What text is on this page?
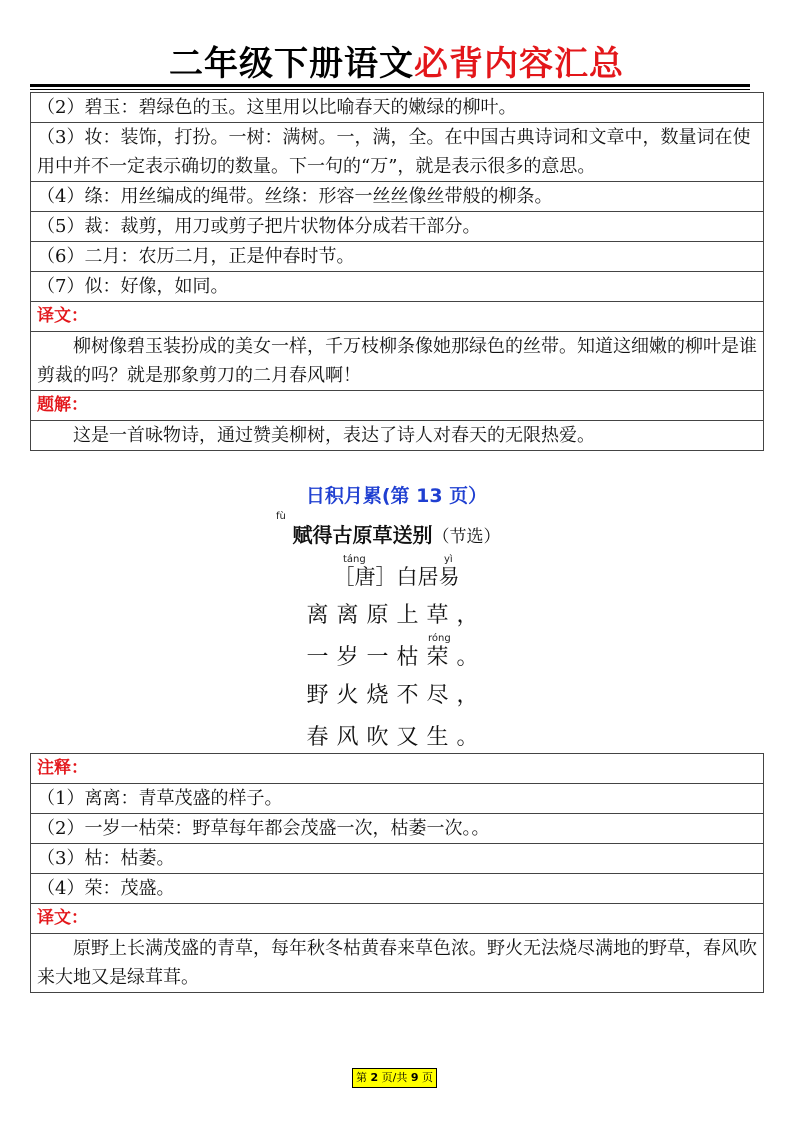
二年级下册语文必背内容汇总
（2）碧玉：碧绿色的玉。这里用以比喻春天的嫩绿的柳叶。
（3）妆：装饰，打扮。一树：满树。一，满，全。在中国古典诗词和文章中，数量词在使用中并不一定表示确切的数量。下一句的“万”，就是表示很多的意思。
（4）绦：用丝编成的绳带。丝绦：形容一丝丝像丝带般的柳条。
（5）裁：裁剪，用刀或剪子把片状物体分成若干部分。
（6）二月：农历二月，正是仲春时节。
（7）似：好像，如同。
译文：
柳树像碧玉装扮成的美女一样，千万枝柳条像她那绿色的丝带。知道这细嫩的柳叶是谁剪裁的吗？就是那象剪刀的二月春风啊！
题解：
这是一首咏物诗，通过赞美柳树，表达了诗人对春天的无限热爱。
日积月累(第 13 页）
fù
赋得古原草送别（节选）
táng	yì
［唐］白居易
离离原上草，
róng
一岁一枯荣。
野火烧不尽，
春风吹又生。
注释：
（1）离离：青草茂盛的样子。
（2）一岁一枯荣：野草每年都会茂盛一次，枯萎一次。。
（3）枯：枯萎。
（4）荣：茂盛。
译文：
原野上长满茂盛的青草，每年秋冬枯黄春来草色浓。野火无法烧尽满地的野草，春风吹来大地又是绿茸茸。
第 2 页/共 9 页
